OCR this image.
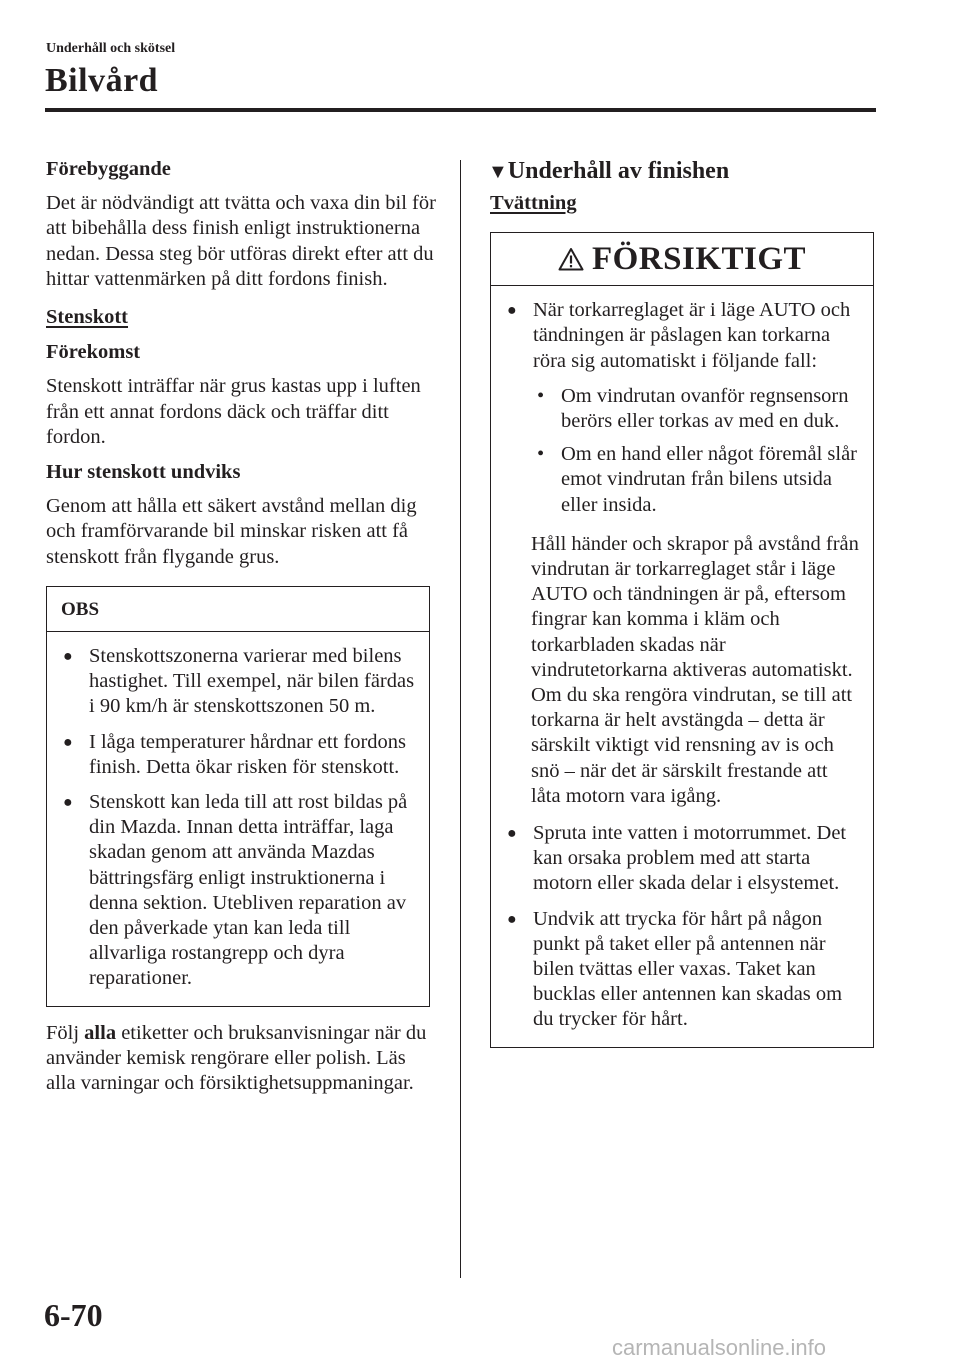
Underhåll och skötsel
Bilvård

Förebyggande

Det är nödvändigt att tvätta och vaxa din bil för att bibehålla dess finish enligt instruktionerna nedan. Dessa steg bör utföras direkt efter att du hittar vattenmärken på ditt fordons finish.

Stenskott

Förekomst

Stenskott inträffar när grus kastas upp i luften från ett annat fordons däck och träffar ditt fordon.

Hur stenskott undviks

Genom att hålla ett säkert avstånd mellan dig och framförvarande bil minskar risken att få stenskott från flygande grus.

OBS
● Stenskottszonerna varierar med bilens hastighet. Till exempel, när bilen färdas i 90 km/h är stenskottszonen 50 m.
● I låga temperaturer hårdnar ett fordons finish. Detta ökar risken för stenskott.
● Stenskott kan leda till att rost bildas på din Mazda. Innan detta inträffar, laga skadan genom att använda Mazdas bättringsfärg enligt instruktionerna i denna sektion. Utebliven reparation av den påverkade ytan kan leda till allvarliga rostangrepp och dyra reparationer.

Följ alla etiketter och bruksanvisningar när du använder kemisk rengörare eller polish. Läs alla varningar och försiktighetsuppmaningar.

▼Underhåll av finishen

Tvättning

FÖRSIKTIGT
● När torkarreglaget är i läge AUTO och tändningen är påslagen kan torkarna röra sig automatiskt i följande fall:
• Om vindrutan ovanför regnsensorn berörs eller torkas av med en duk.
• Om en hand eller något föremål slår emot vindrutan från bilens utsida eller insida.

Håll händer och skrapor på avstånd från vindrutan är torkarreglaget står i läge AUTO och tändningen är på, eftersom fingrar kan komma i kläm och torkarbladen skadas när vindrutetorkarna aktiveras automatiskt.

Om du ska rengöra vindrutan, se till att torkarna är helt avstängda – detta är särskilt viktigt vid rensning av is och snö – när det är särskilt frestande att låta motorn vara igång.

● Spruta inte vatten i motorrummet. Det kan orsaka problem med att starta motorn eller skada delar i elsystemet.
● Undvik att trycka för hårt på någon punkt på taket eller på antennen när bilen tvättas eller vaxas. Taket kan bucklas eller antennen kan skadas om du trycker för hårt.
6-70
carmanualsonline.info
